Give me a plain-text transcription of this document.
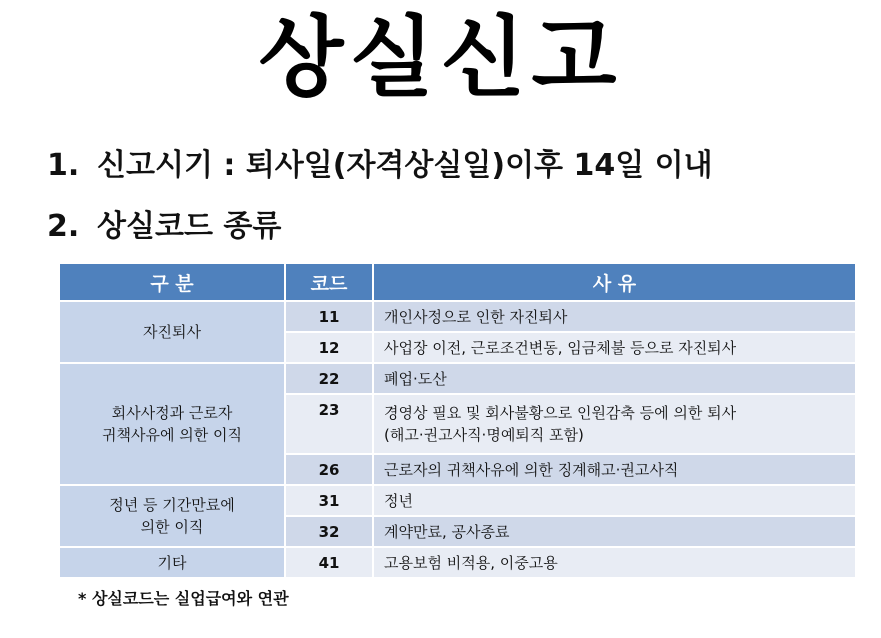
상실신고
1. 신고시기 : 퇴사일(자격상실일)이후 14일 이내
2. 상실코드 종류
구 분	코드	사 유

자진퇴사	11	개인사정으로 인한 자진퇴사

	12	사업장 이전, 근로조건변동, 임금체불 등으로 자진퇴사

회사사정과 근로자
귀책사유에 의한 이직	22	폐업·도산

	23	경영상 필요 및 회사불황으로 인원감축 등에 의한 퇴사
(해고·권고사직·명예퇴직 포함)

	26	근로자의 귀책사유에 의한 징계해고·권고사직

정년 등 기간만료에
의한 이직	31	정년

	32	계약만료, 공사종료

기타	41	고용보험 비적용, 이중고용
* 상실코드는 실업급여와 연관
